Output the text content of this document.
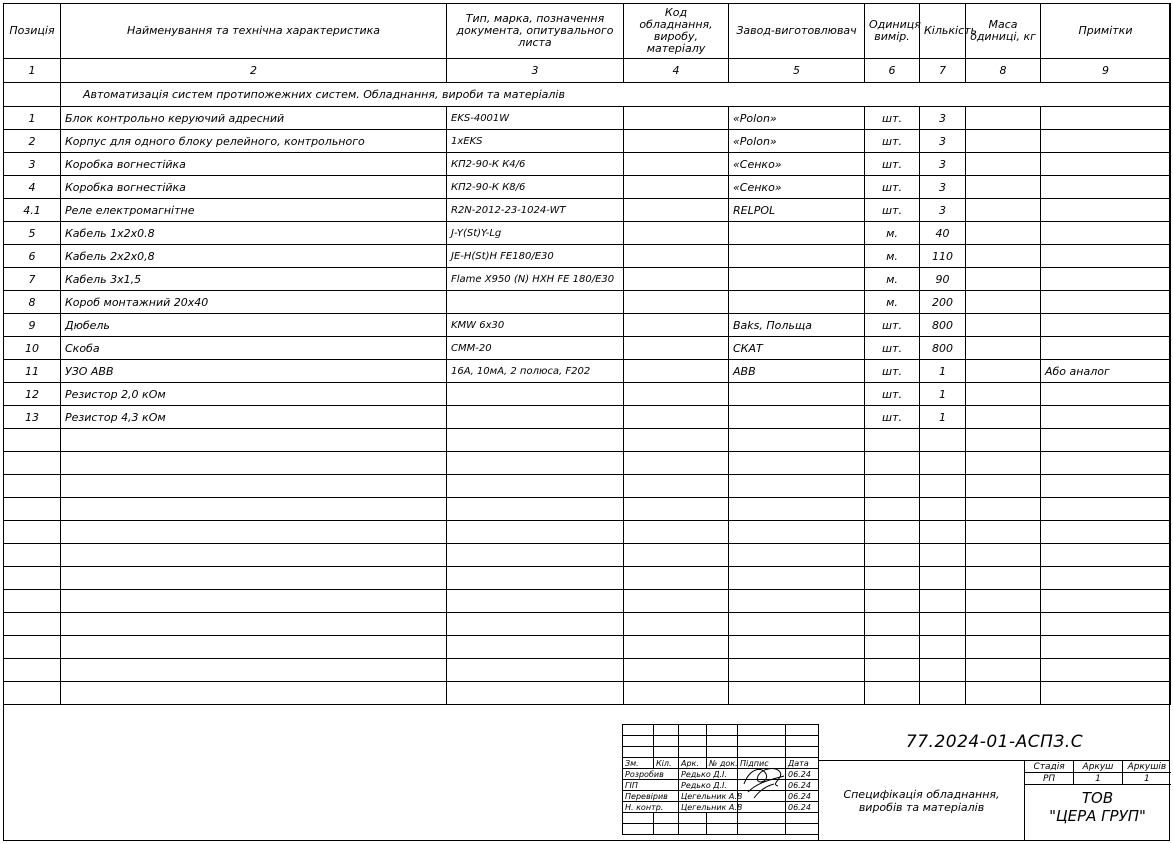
Позиція	Найменування та технічна характеристика	Тип, марка, позначення документа, опитувального листа	Код обладнання, виробу, матеріалу	Завод-виготовлювач	Одиниця вимір.	Кількість	Маса одиниці, кг	Примітки
1	2	3	4	5	6	7	8	9
	Автоматизація систем протипожежних систем. Обладнання, вироби та матеріалів							
1	Блок контрольно керуючий адресний	EKS-4001W		«Polon»	шт.	3		
2	Корпус для одного блоку релейного, контрольного	1xEKS		«Polon»	шт.	3		
3	Коробка вогнестійка	КП2-90-К К4/6		«Сенко»	шт.	3		
4	Коробка вогнестійка	КП2-90-К К8/6		«Сенко»	шт.	3		
4.1	Реле електромагнітне	R2N-2012-23-1024-WT		RELPOL	шт.	3		
5	Кабель 1х2х0.8	J-Y(St)Y-Lg			м.	40		
6	Кабель 2х2х0,8	JE-H(St)H FE180/E30			м.	110		
7	Кабель 3х1,5	Flame X950 (N) HXH FE 180/E30			м.	90		
8	Короб монтажний 20х40				м.	200		
9	Дюбель	KMW 6x30		Baks, Польща	шт.	800		
10	Скоба	СММ-20		СКАТ	шт.	800		
11	УЗО ABB	16А, 10мА, 2 полюса, F202		ABB	шт.	1		Або аналог
12	Резистор 2,0 кОм				шт.	1		
13	Резистор 4,3 кОм				шт.	1		

Зм.	Кіл.	Арк.	№ док.	Підпис	Дата
Розробив		Редько Д.І.			06.24
ГІП		Редько Д.І.			06.24
Перевірив		Цегельник А.В			06.24
Н. контр.		Цегельник А.В			06.24

77.2024-01-АСПЗ.С
Специфікація обладнання, виробів та матеріалів
Стадія	Аркуш	Аркушів
РП	1	1
ТОВ
"ЦЕРА ГРУП"
